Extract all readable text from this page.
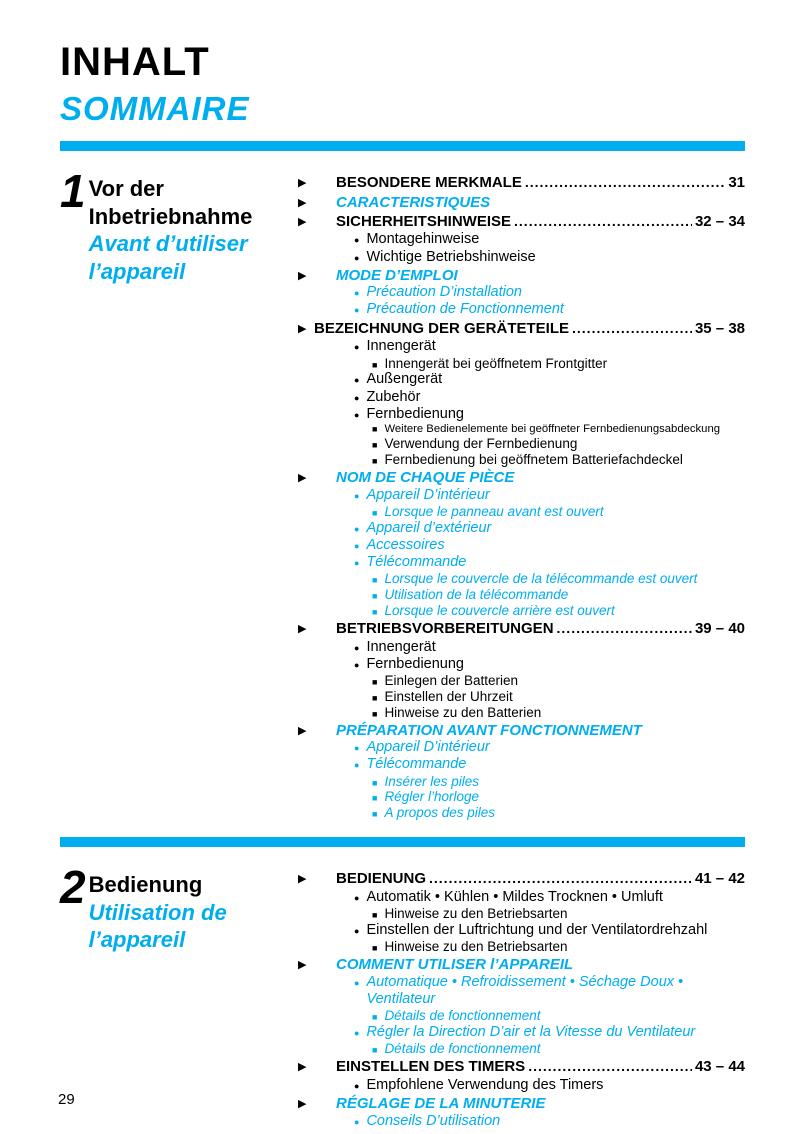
INHALT
SOMMAIRE
1 Vor der
Inbetriebnahme
Avant d’utiliser
l’appareil
▶	BESONDERE MERKMALE .....	31
▶	CARACTERISTIQUES
▶	SICHERHEITSHINWEISE .....	32 – 34
● Montagehinweise
● Wichtige Betriebshinweise
▶	MODE D’EMPLOI
● Précaution D’installation
● Précaution de Fonctionnement
▶ BEZEICHNUNG DER GERÄTETEILE .....	35 – 38
● Innengerät
■ Innengerät bei geöffnetem Frontgitter
● Außengerät
● Zubehör
● Fernbedienung
■ Weitere Bedienelemente bei geöffneter Fernbedienungsabdeckung
■ Verwendung der Fernbedienung
■ Fernbedienung bei geöffnetem Batteriefachdeckel
▶	NOM DE CHAQUE PIÈCE
● Appareil D’intérieur
■ Lorsque le panneau avant est ouvert
● Appareil d’extérieur
● Accessoires
● Télécommande
■ Lorsque le couvercle de la télécommande est ouvert
■ Utilisation de la télécommande
■ Lorsque le couvercle arrière est ouvert
▶	BETRIEBSVORBEREITUNGEN .....	39 – 40
● Innengerät
● Fernbedienung
■ Einlegen der Batterien
■ Einstellen der Uhrzeit
■ Hinweise zu den Batterien
▶	PRÉPARATION AVANT FONCTIONNEMENT
● Appareil D’intérieur
● Télécommande
■ Insérer les piles
■ Régler l’horloge
■ A propos des piles
2 Bedienung
Utilisation de
l’appareil
▶	BEDIENUNG .....	41 – 42
● Automatik • Kühlen • Mildes Trocknen • Umluft
■ Hinweise zu den Betriebsarten
● Einstellen der Luftrichtung und der Ventilatordrehzahl
■ Hinweise zu den Betriebsarten
▶	COMMENT UTILISER l’APPAREIL
● Automatique • Refroidissement • Séchage Doux • Ventilateur
■ Détails de fonctionnement
● Régler la Direction D’air et la Vitesse du Ventilateur
■ Détails de fonctionnement
▶	EINSTELLEN DES TIMERS .....	43 – 44
● Empfohlene Verwendung des Timers
▶	RÉGLAGE DE LA MINUTERIE
● Conseils D’utilisation
29
